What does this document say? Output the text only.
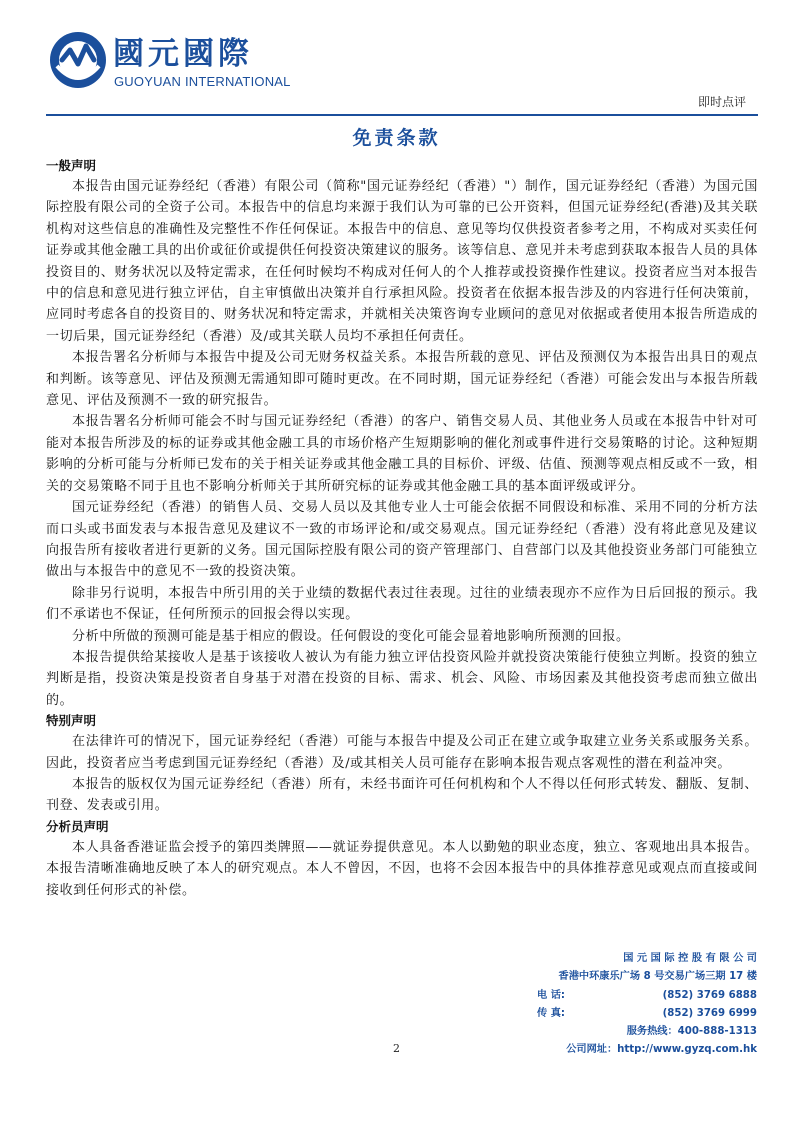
國元國際
GUOYUAN INTERNATIONAL
即时点评
免责条款
一般声明

本报告由国元证券经纪（香港）有限公司（简称"国元证券经纪（香港）"）制作，国元证券经纪（香港）为国元国际控股有限公司的全资子公司。本报告中的信息均来源于我们认为可靠的已公开资料，但国元证券经纪(香港)及其关联机构对这些信息的准确性及完整性不作任何保证。本报告中的信息、意见等均仅供投资者参考之用，不构成对买卖任何证券或其他金融工具的出价或征价或提供任何投资决策建议的服务。该等信息、意见并未考虑到获取本报告人员的具体投资目的、财务状况以及特定需求，在任何时候均不构成对任何人的个人推荐或投资操作性建议。投资者应当对本报告中的信息和意见进行独立评估，自主审慎做出决策并自行承担风险。投资者在依据本报告涉及的内容进行任何决策前，应同时考虑各自的投资目的、财务状况和特定需求，并就相关决策咨询专业顾问的意见对依据或者使用本报告所造成的一切后果，国元证券经纪（香港）及/或其关联人员均不承担任何责任。

本报告署名分析师与本报告中提及公司无财务权益关系。本报告所载的意见、评估及预测仅为本报告出具日的观点和判断。该等意见、评估及预测无需通知即可随时更改。在不同时期，国元证券经纪（香港）可能会发出与本报告所载意见、评估及预测不一致的研究报告。

本报告署名分析师可能会不时与国元证券经纪（香港）的客户、销售交易人员、其他业务人员或在本报告中针对可能对本报告所涉及的标的证券或其他金融工具的市场价格产生短期影响的催化剂或事件进行交易策略的讨论。这种短期影响的分析可能与分析师已发布的关于相关证券或其他金融工具的目标价、评级、估值、预测等观点相反或不一致，相关的交易策略不同于且也不影响分析师关于其所研究标的证券或其他金融工具的基本面评级或评分。

国元证券经纪（香港）的销售人员、交易人员以及其他专业人士可能会依据不同假设和标准、采用不同的分析方法而口头或书面发表与本报告意见及建议不一致的市场评论和/或交易观点。国元证券经纪（香港）没有将此意见及建议向报告所有接收者进行更新的义务。国元国际控股有限公司的资产管理部门、自营部门以及其他投资业务部门可能独立做出与本报告中的意见不一致的投资决策。

除非另行说明，本报告中所引用的关于业绩的数据代表过往表现。过往的业绩表现亦不应作为日后回报的预示。我们不承诺也不保证，任何所预示的回报会得以实现。

分析中所做的预测可能是基于相应的假设。任何假设的变化可能会显着地影响所预测的回报。

本报告提供给某接收人是基于该接收人被认为有能力独立评估投资风险并就投资决策能行使独立判断。投资的独立判断是指，投资决策是投资者自身基于对潜在投资的目标、需求、机会、风险、市场因素及其他投资考虑而独立做出的。

特别声明

在法律许可的情况下，国元证券经纪（香港）可能与本报告中提及公司正在建立或争取建立业务关系或服务关系。因此，投资者应当考虑到国元证券经纪（香港）及/或其相关人员可能存在影响本报告观点客观性的潜在利益冲突。

本报告的版权仅为国元证券经纪（香港）所有，未经书面许可任何机构和个人不得以任何形式转发、翻版、复制、刊登、发表或引用。

分析员声明

本人具备香港证监会授予的第四类牌照——就证券提供意见。本人以勤勉的职业态度，独立、客观地出具本报告。本报告清晰准确地反映了本人的研究观点。本人不曾因，不因，也将不会因本报告中的具体推荐意见或观点而直接或间接收到任何形式的补偿。

国 元 国 际 控 股 有 限 公 司
香港中环康乐广场 8 号交易广场三期 17 楼
电 话:	(852) 3769 6888
传 真:	(852) 3769 6999
服务热线：400-888-1313
公司网址：http://www.gyzq.com.hk
2
